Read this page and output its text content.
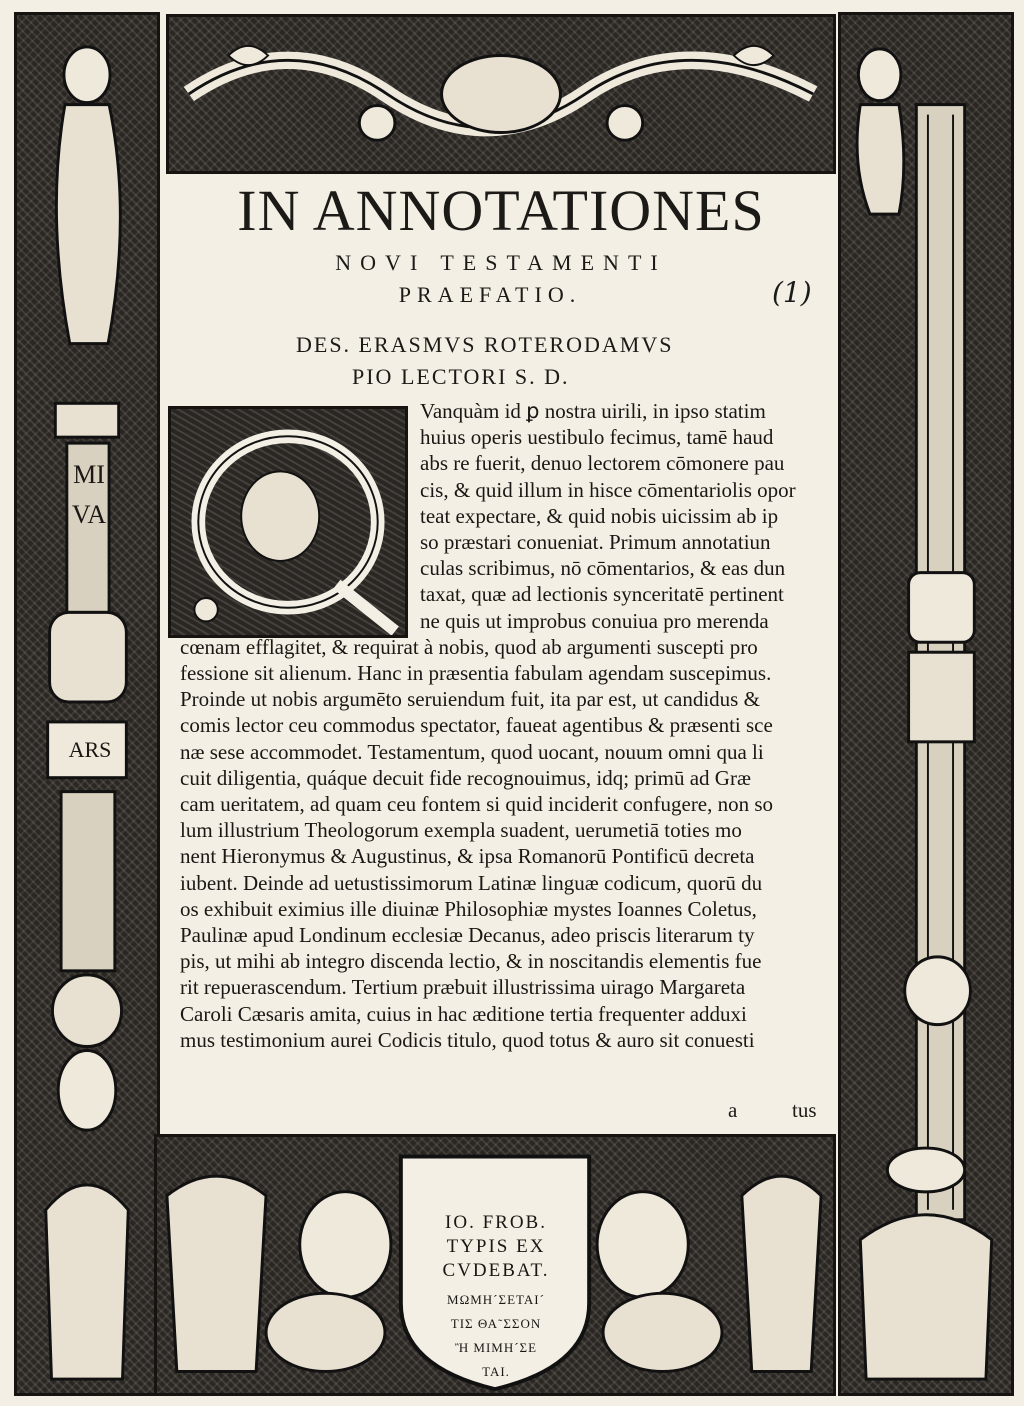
MIVA
ARS
IN ANNOTATIONES
NOVI TESTAMENTI
PRAEFATIO.	(1)
DES. ERASMVS ROTERODAMVS
PIO LECTORI S. D.
Vanquàm id ꝑ nostra uirili, in ipso statim
huius operis uestibulo fecimus, tamē haud
abs re fuerit, denuo lectorem cōmonere pau
cis, & quid illum in hisce cōmentariolis opor
teat expectare, & quid nobis uicissim ab ip
so præstari conueniat. Primum annotatiun
culas scribimus, nō cōmentarios, & eas dun
taxat, quæ ad lectionis synceritatē pertinent
ne quis ut improbus conuiua pro merenda
cœnam efflagitet, & requirat à nobis, quod ab argumenti suscepti pro
fessione sit alienum. Hanc in præsentia fabulam agendam suscepimus.
Proinde ut nobis argumēto seruiendum fuit, ita par est, ut candidus &
comis lector ceu commodus spectator, faueat agentibus & præsenti sce
næ sese accommodet. Testamentum, quod uocant, nouum omni qua li
cuit diligentia, quáque decuit fide recognouimus, idq; primū ad Græ
cam ueritatem, ad quam ceu fontem si quid inciderit confugere, non so
lum illustrium Theologorum exempla suadent, uerumetiā toties mo
nent Hieronymus & Augustinus, & ipsa Romanorū Pontificū decreta
iubent. Deinde ad uetustissimorum Latinæ linguæ codicum, quorū du
os exhibuit eximius ille diuinæ Philosophiæ mystes Ioannes Coletus,
Paulinæ apud Londinum ecclesiæ Decanus, adeo priscis literarum ty
pis, ut mihi ab integro discenda lectio, & in noscitandis elementis fue
rit repuerascendum. Tertium præbuit illustrissima uirago Margareta
Caroli Cæsaris amita, cuius in hac æditione tertia frequenter adduxi
mus testimonium aurei Codicis titulo, quod totus & auro sit conuesti
a	tus
IO. FROB.
TYPIS EX
CVDEBAT.
ΜΩΜΗ´ΣΕΤΑΙ´
ΤΙΣ ΘΑ˜ΣΣΟΝ
Ἢ ΜΙΜΗ´ΣΕ
ΤΑΙ.
